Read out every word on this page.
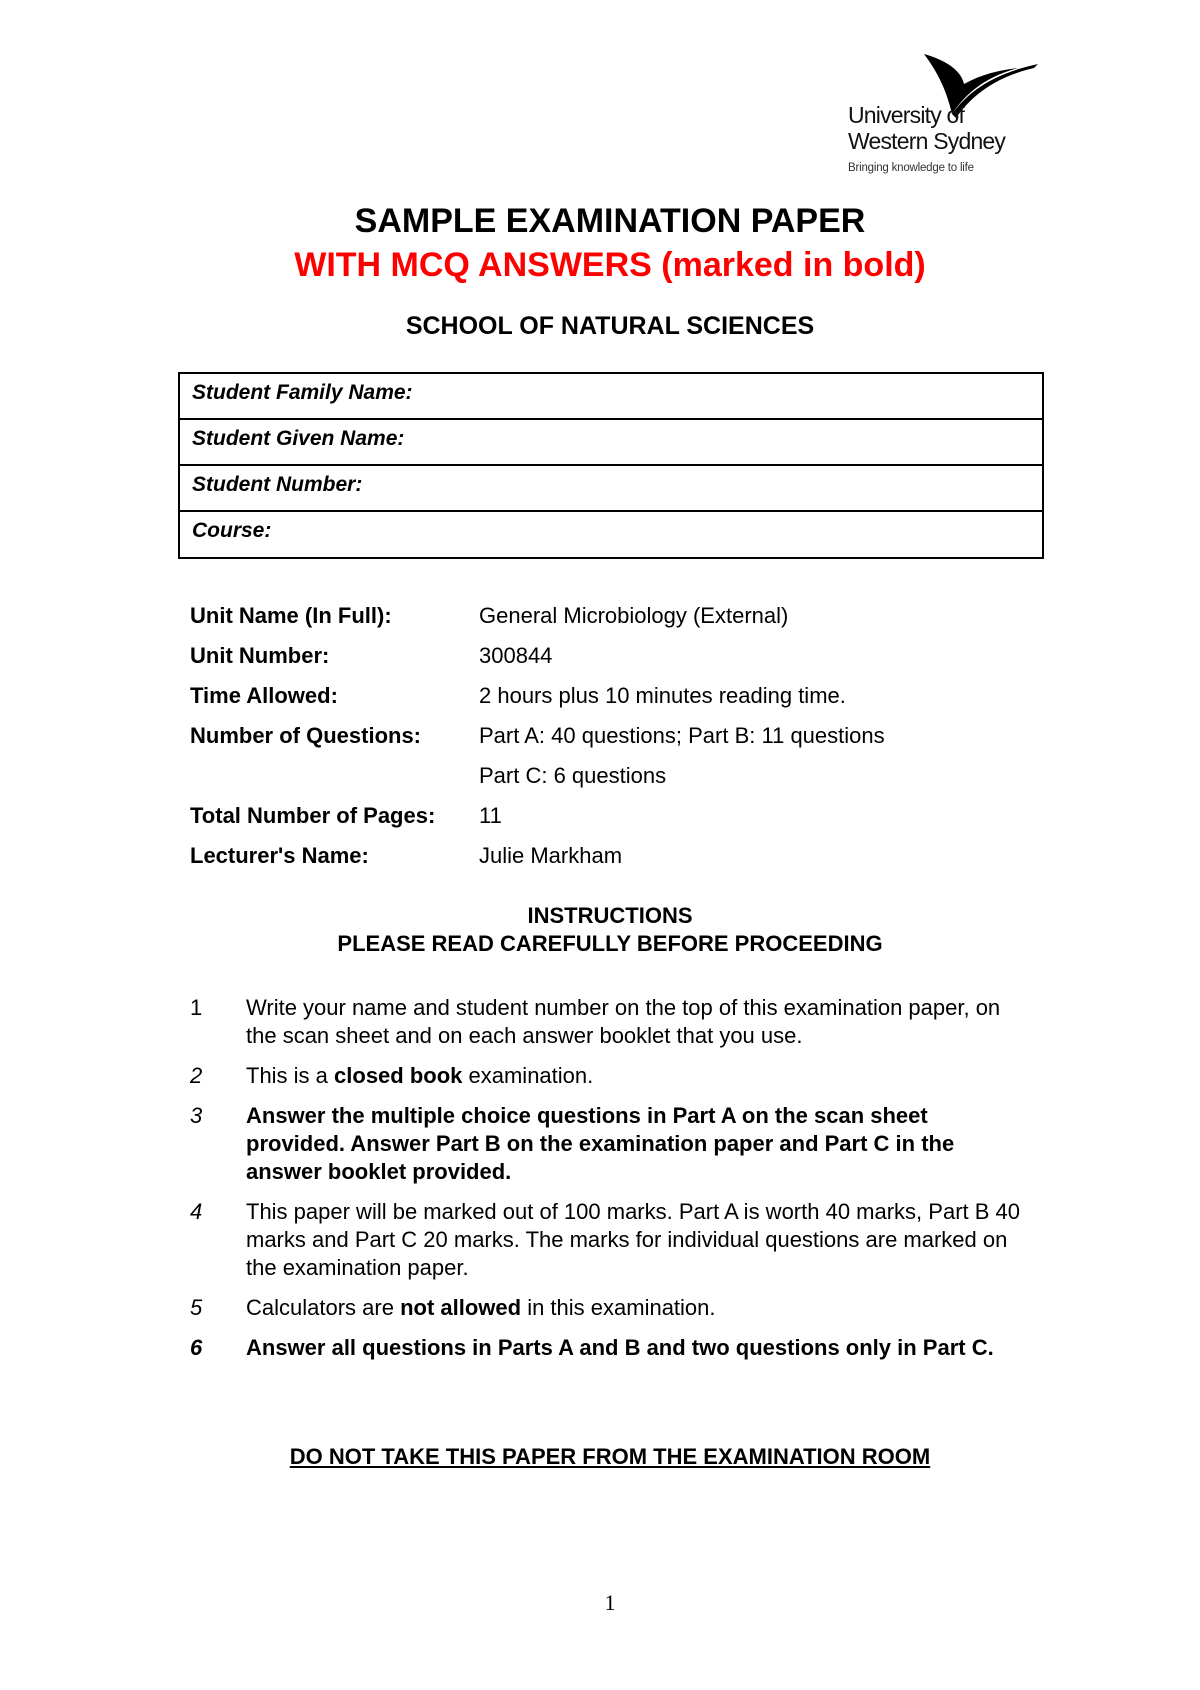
University of
Western Sydney
Bringing knowledge to life
SAMPLE EXAMINATION PAPER
WITH MCQ ANSWERS (marked in bold)
SCHOOL OF NATURAL SCIENCES
Student Family Name:
Student Given Name:
Student Number:
Course:
Unit Name (In Full):	General Microbiology (External)
Unit Number:	300844
Time Allowed:	2 hours plus 10 minutes reading time.
Number of Questions:	Part A: 40 questions; Part B: 11 questions
Part C: 6 questions
Total Number of Pages: 11
Lecturer's Name:	Julie Markham
INSTRUCTIONS
PLEASE READ CAREFULLY BEFORE PROCEEDING
1 Write your name and student number on the top of this examination paper, on the scan sheet and on each answer booklet that you use.
2 This is a closed book examination.
3 Answer the multiple choice questions in Part A on the scan sheet provided. Answer Part B on the examination paper and Part C in the answer booklet provided.
4 This paper will be marked out of 100 marks. Part A is worth 40 marks, Part B 40 marks and Part C 20 marks. The marks for individual questions are marked on the examination paper.
5 Calculators are not allowed in this examination.
6 Answer all questions in Parts A and B and two questions only in Part C.
DO NOT TAKE THIS PAPER FROM THE EXAMINATION ROOM
1
